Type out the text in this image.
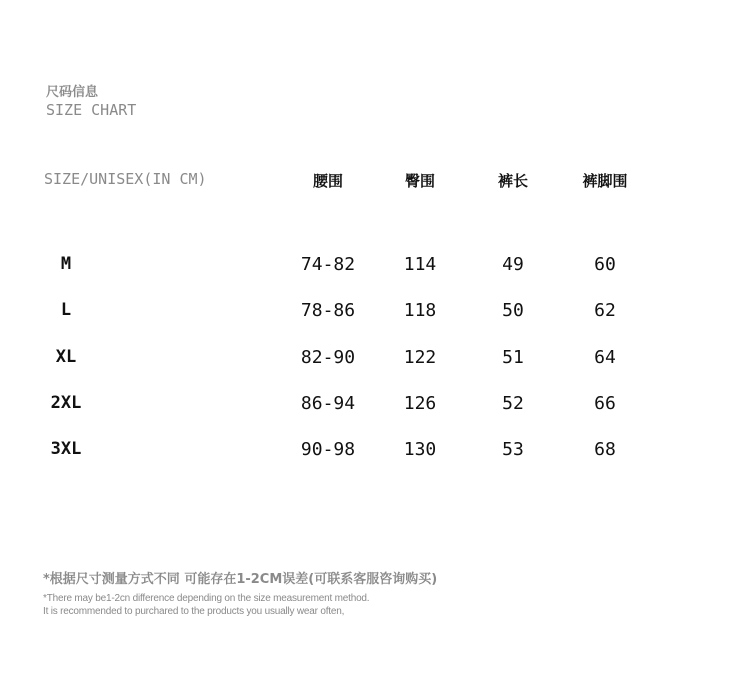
尺码信息
SIZE CHART
SIZE/UNISEX(IN CM)	腰围	臀围	裤长	裤脚围
M	74-82	114	49	60
L	78-86	118	50	62
XL	82-90	122	51	64
2XL	86-94	126	52	66
3XL	90-98	130	53	68
*根据尺寸测量方式不同 可能存在1-2CM误差(可联系客服咨询购买)
*There may be1-2cn difference depending on the size measurement method.
It is recommended to purchared to the products you usually wear often,
